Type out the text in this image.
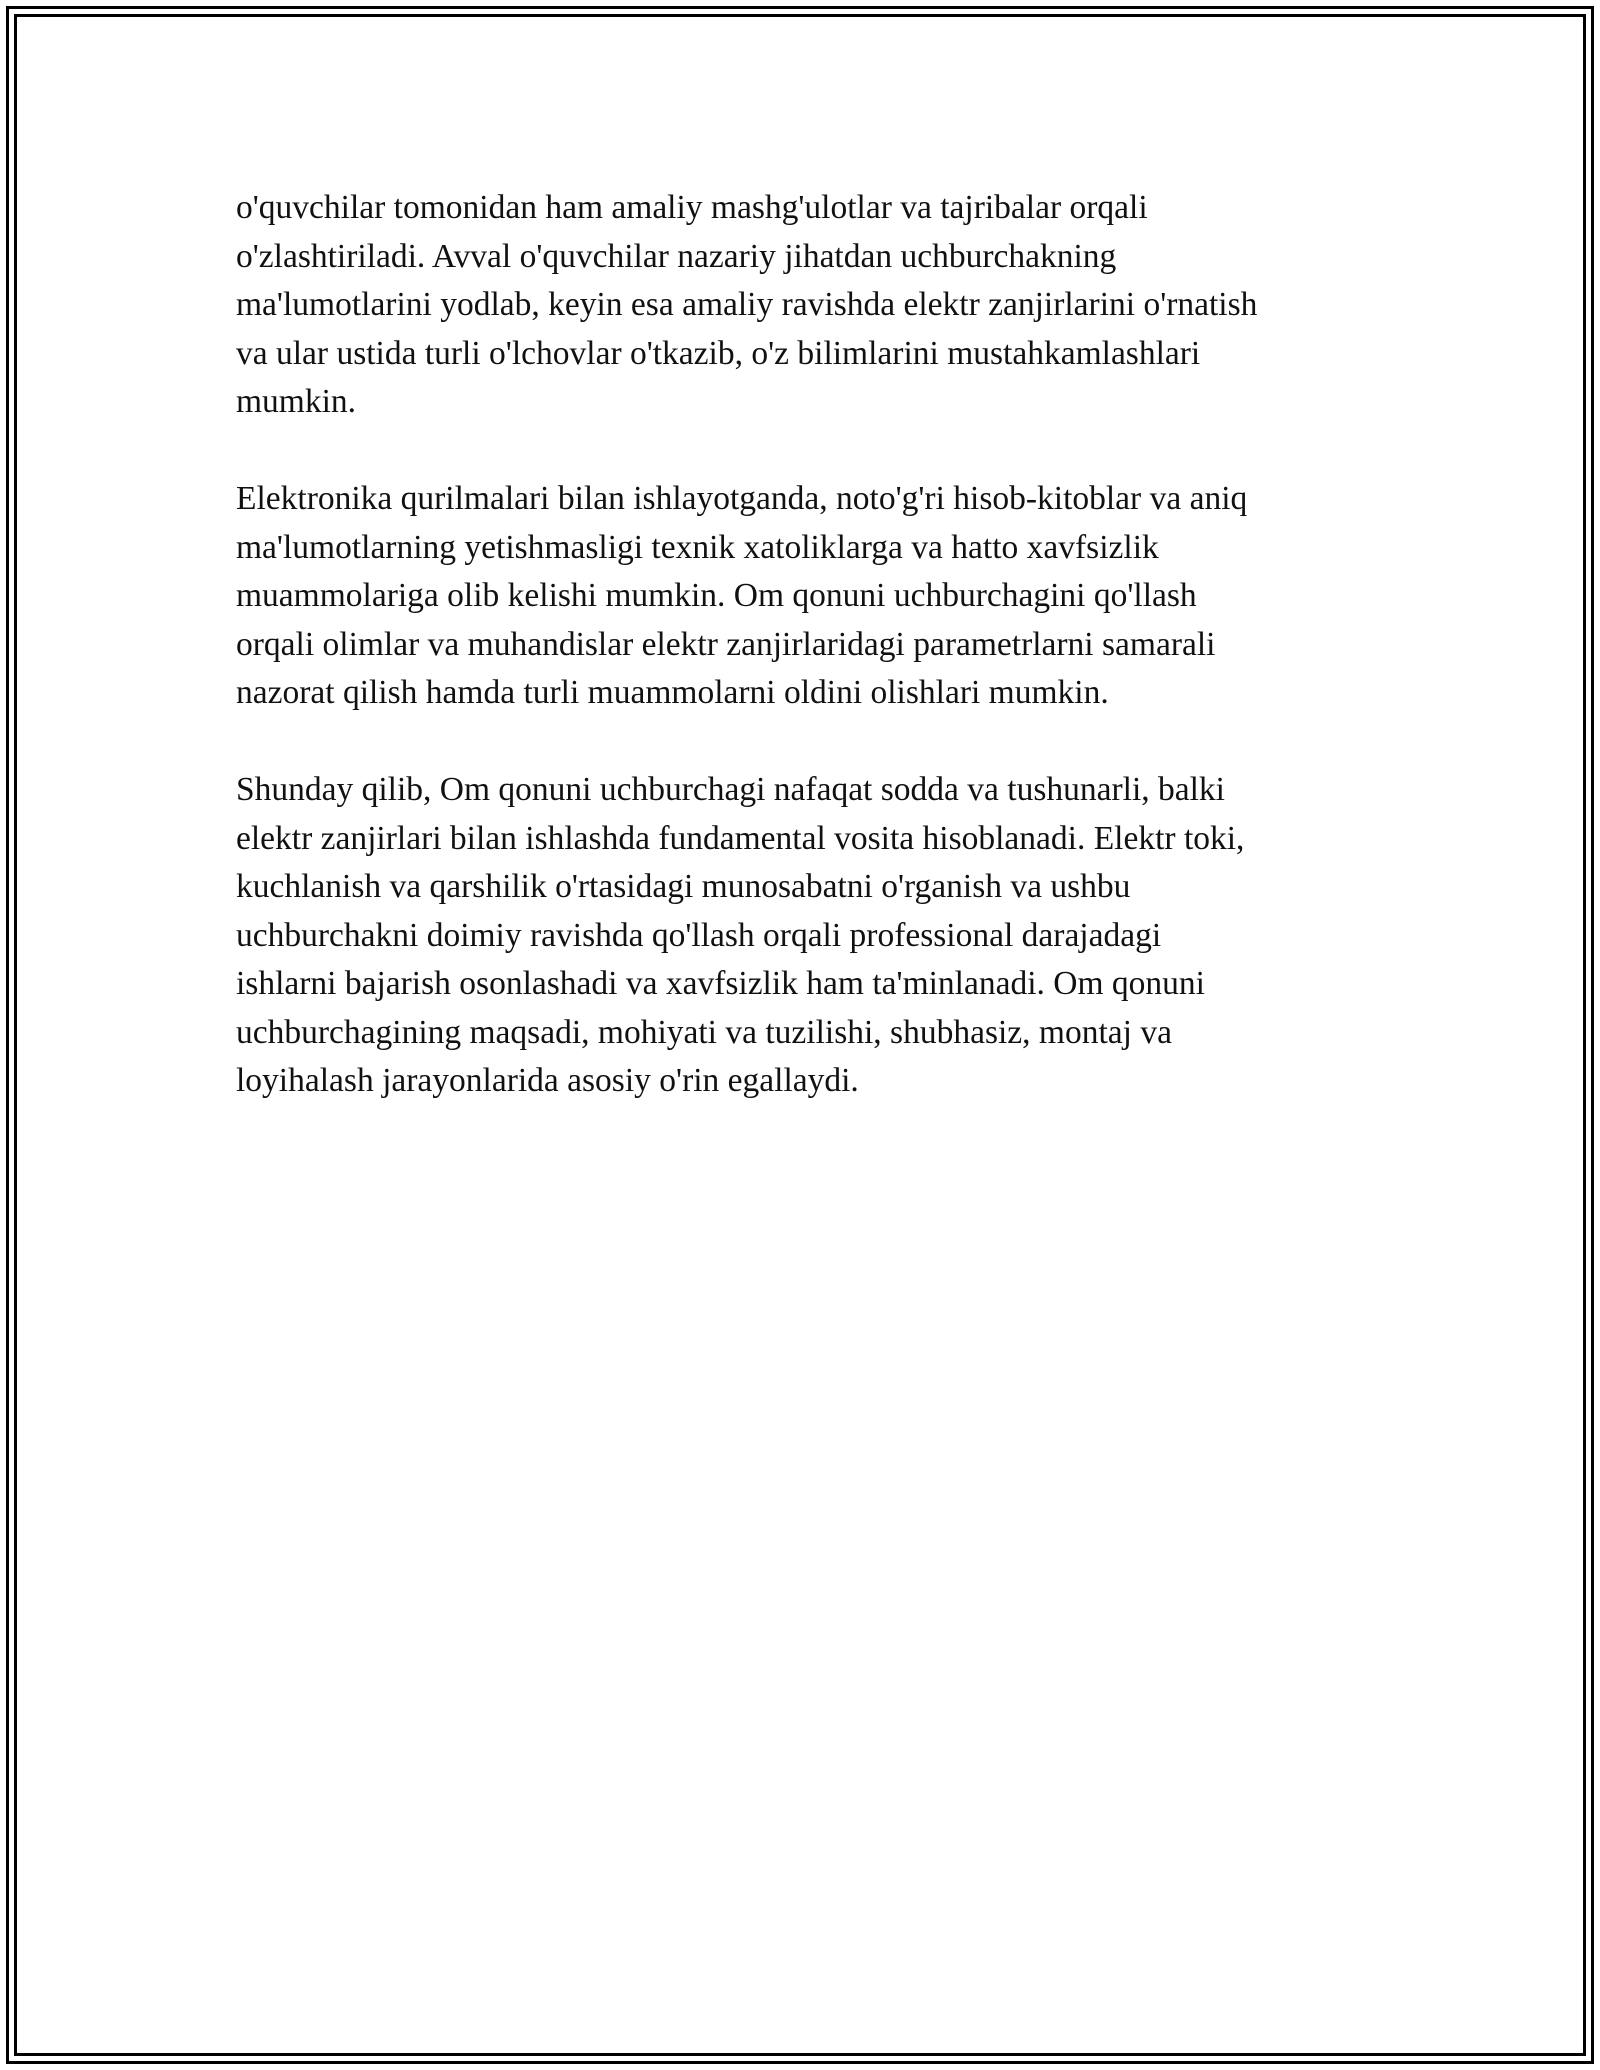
o'quvchilar tomonidan ham amaliy mashg'ulotlar va tajribalar orqali
o'zlashtiriladi. Avval o'quvchilar nazariy jihatdan uchburchakning
ma'lumotlarini yodlab, keyin esa amaliy ravishda elektr zanjirlarini o'rnatish
va ular ustida turli o'lchovlar o'tkazib, o'z bilimlarini mustahkamlashlari
mumkin.

Elektronika qurilmalari bilan ishlayotganda, noto'g'ri hisob-kitoblar va aniq
ma'lumotlarning yetishmasligi texnik xatoliklarga va hatto xavfsizlik
muammolariga olib kelishi mumkin. Om qonuni uchburchagini qo'llash
orqali olimlar va muhandislar elektr zanjirlaridagi parametrlarni samarali
nazorat qilish hamda turli muammolarni oldini olishlari mumkin.

Shunday qilib, Om qonuni uchburchagi nafaqat sodda va tushunarli, balki
elektr zanjirlari bilan ishlashda fundamental vosita hisoblanadi. Elektr toki,
kuchlanish va qarshilik o'rtasidagi munosabatni o'rganish va ushbu
uchburchakni doimiy ravishda qo'llash orqali professional darajadagi
ishlarni bajarish osonlashadi va xavfsizlik ham ta'minlanadi. Om qonuni
uchburchagining maqsadi, mohiyati va tuzilishi, shubhasiz, montaj va
loyihalash jarayonlarida asosiy o'rin egallaydi.
